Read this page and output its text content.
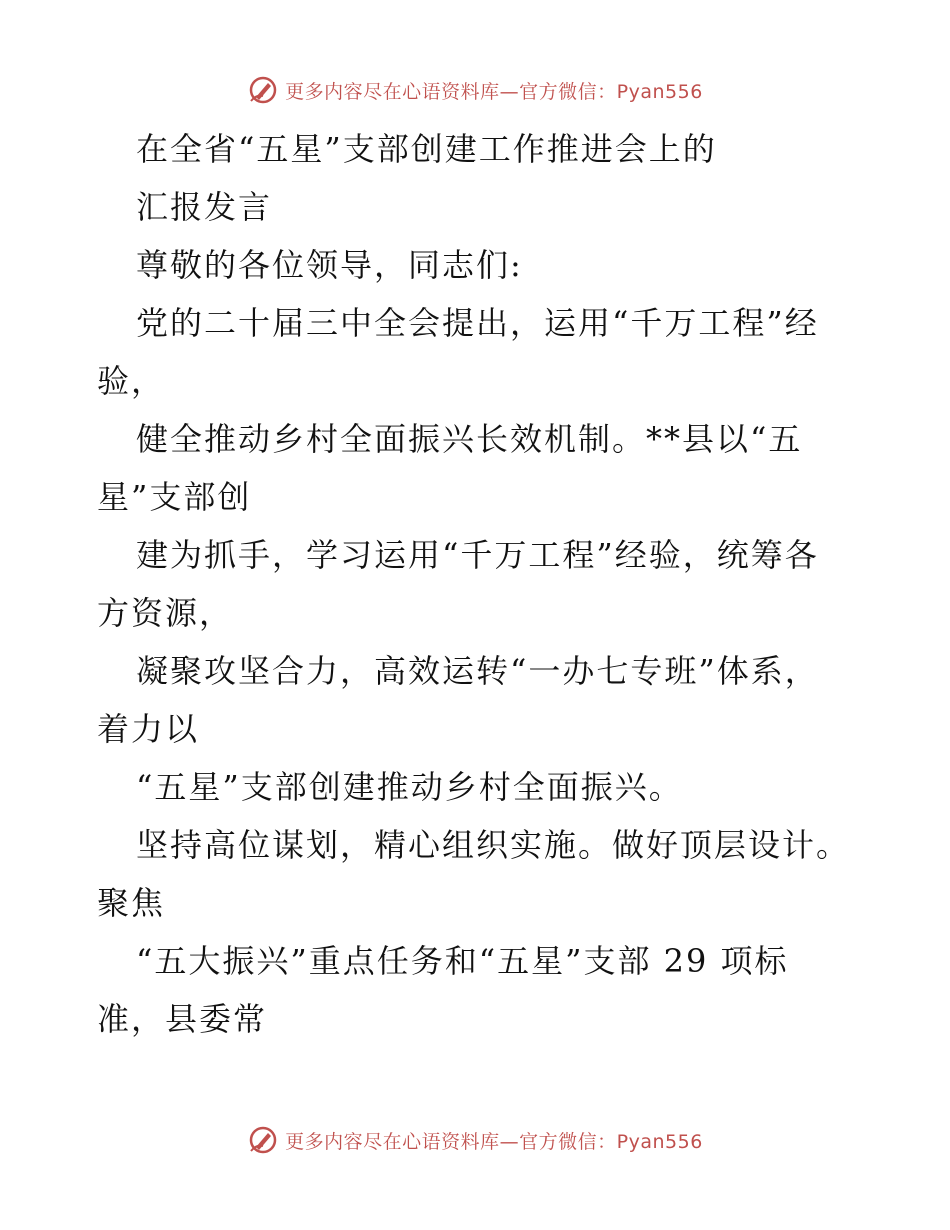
更多内容尽在心语资料库—官方微信：Pyan556
在全省“五星”支部创建工作推进会上的
汇报发言
尊敬的各位领导，同志们:
党的二十届三中全会提出，运用“千万工程”经
验，
健全推动乡村全面振兴长效机制。**县以“五
星”支部创
建为抓手，学习运用“千万工程”经验，统筹各
方资源，
凝聚攻坚合力，高效运转“一办七专班”体系，
着力以
“五星”支部创建推动乡村全面振兴。
坚持高位谋划，精心组织实施。做好顶层设计。
聚焦
“五大振兴”重点任务和“五星”支部 29 项标
准，县委常
更多内容尽在心语资料库—官方微信：Pyan556
